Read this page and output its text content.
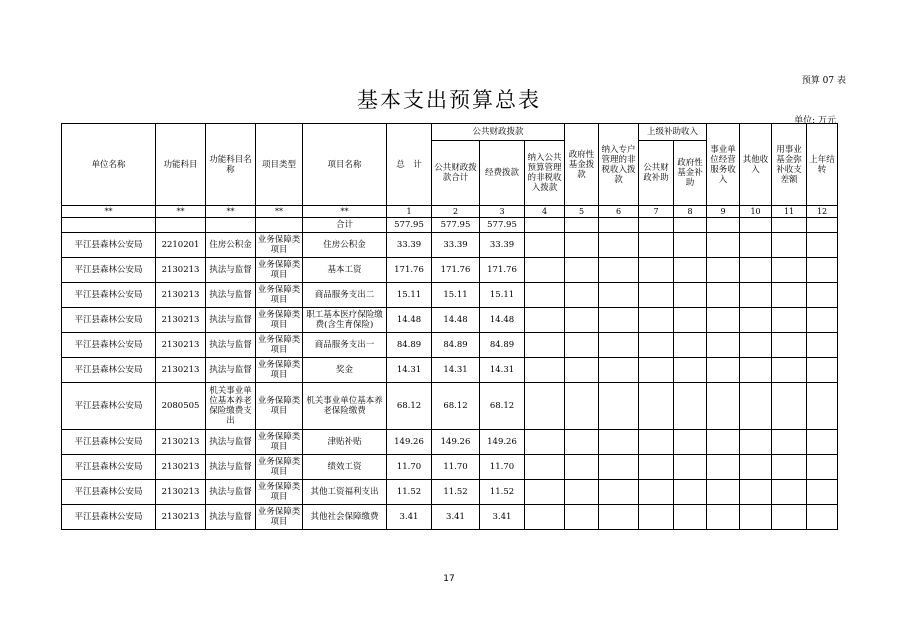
预算 07 表
基本支出预算总表
单位: 万元
单位名称	功能科目	功能科目名称	项目类型	项目名称	总　计	公共财政拨款			政府性基金拨款	纳入专户管理的非税收入拨款	上级补助收入		事业单位经营服务收入	其他收入	用事业基金弥补收支差额	上年结转
						公共财政拨款合计	经费拨款	纳入公共预算管理的非税收入拨款			公共财政补助	政府性基金补助				
**	**	**	**	**	1	2	3	4	5	6	7	8	9	10	11	12
				合计	577.95	577.95	577.95									
平江县森林公安局	2210201	住房公积金	业务保障类项目	住房公积金	33.39	33.39	33.39									
平江县森林公安局	2130213	执法与监督	业务保障类项目	基本工资	171.76	171.76	171.76									
平江县森林公安局	2130213	执法与监督	业务保障类项目	商品服务支出二	15.11	15.11	15.11									
平江县森林公安局	2130213	执法与监督	业务保障类项目	职工基本医疗保险缴费(含生育保险)	14.48	14.48	14.48									
平江县森林公安局	2130213	执法与监督	业务保障类项目	商品服务支出一	84.89	84.89	84.89									
平江县森林公安局	2130213	执法与监督	业务保障类项目	奖金	14.31	14.31	14.31									
平江县森林公安局	2080505	机关事业单位基本养老保险缴费支出	业务保障类项目	机关事业单位基本养老保险缴费	68.12	68.12	68.12									
平江县森林公安局	2130213	执法与监督	业务保障类项目	津贴补贴	149.26	149.26	149.26									
平江县森林公安局	2130213	执法与监督	业务保障类项目	绩效工资	11.70	11.70	11.70									
平江县森林公安局	2130213	执法与监督	业务保障类项目	其他工资福利支出	11.52	11.52	11.52									
平江县森林公安局	2130213	执法与监督	业务保障类项目	其他社会保障缴费	3.41	3.41	3.41									
17
